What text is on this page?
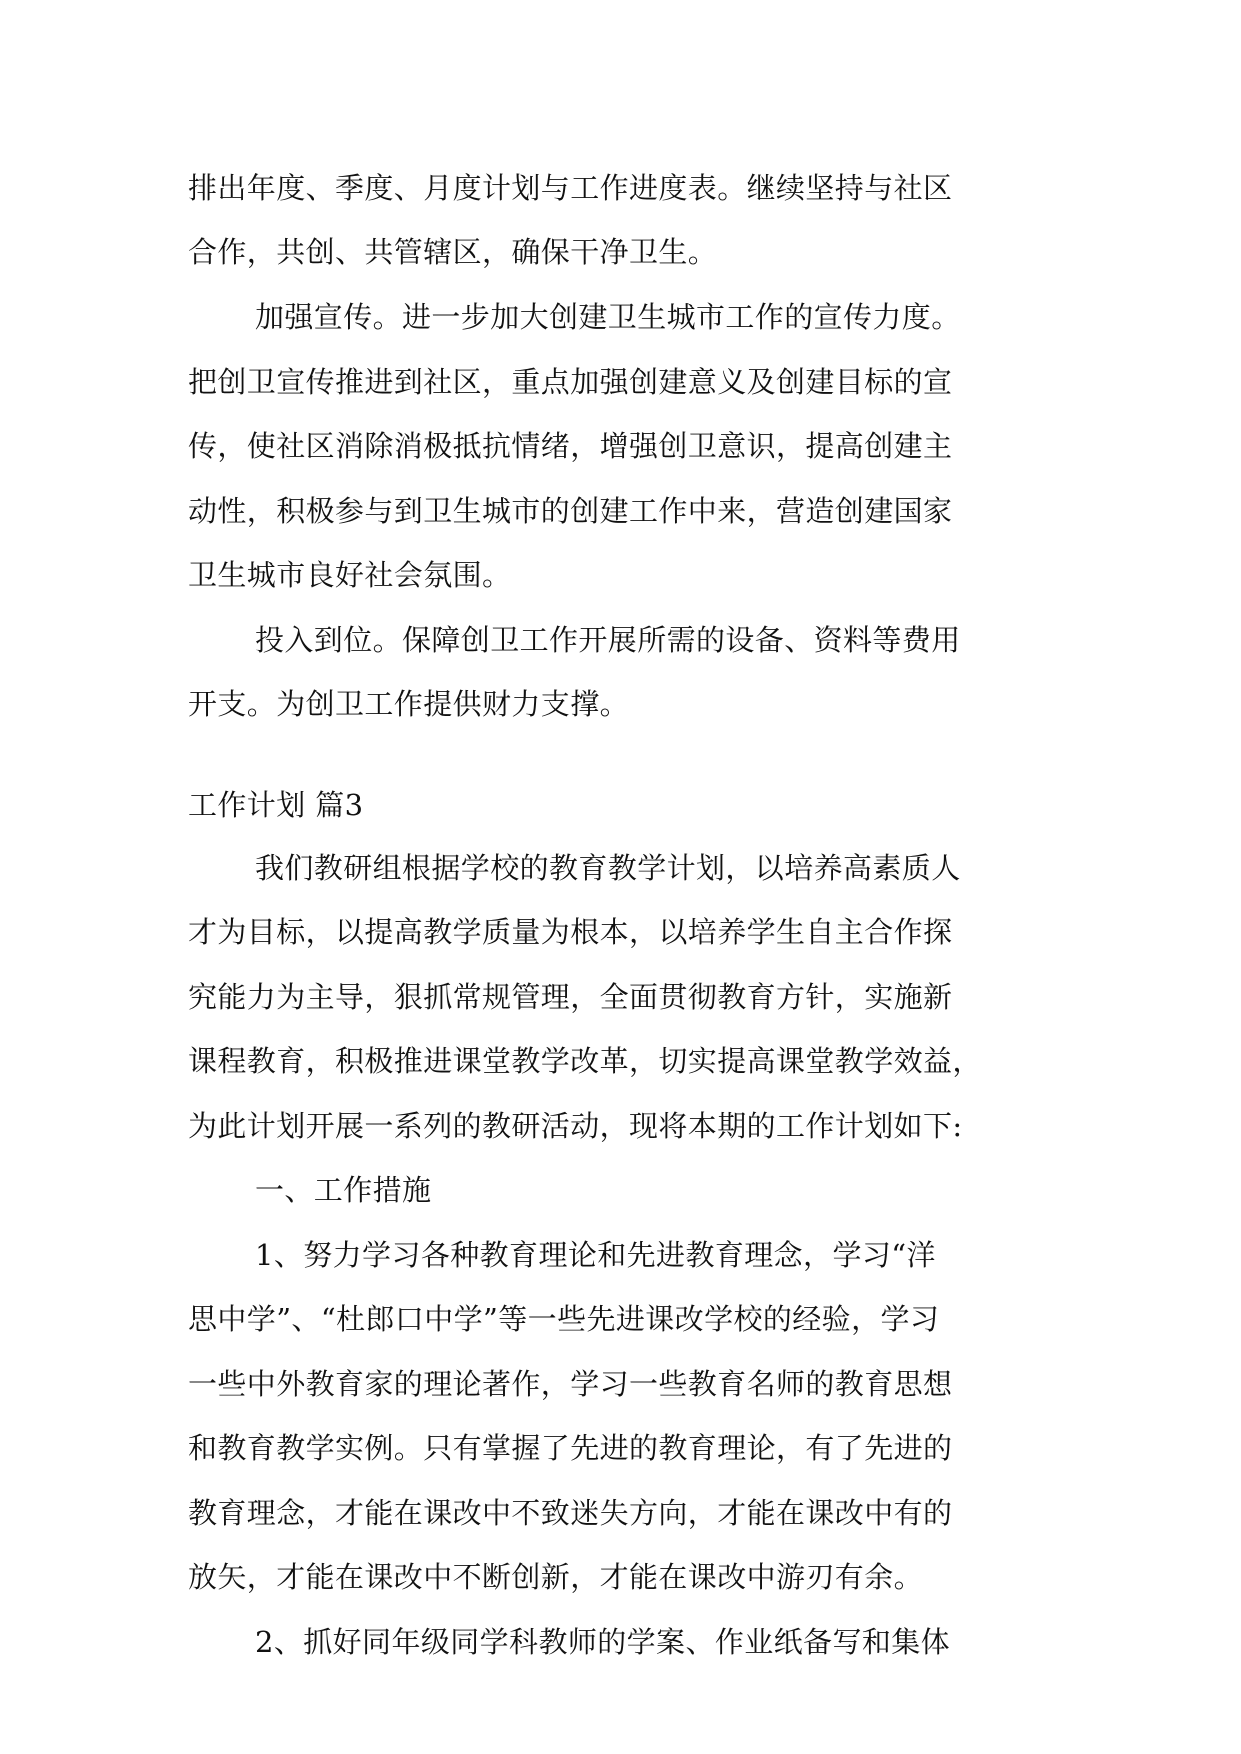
排出年度、季度、月度计划与工作进度表。继续坚持与社区
合作，共创、共管辖区，确保干净卫生。
加强宣传。进一步加大创建卫生城市工作的宣传力度。
把创卫宣传推进到社区，重点加强创建意义及创建目标的宣
传，使社区消除消极抵抗情绪，增强创卫意识，提高创建主
动性，积极参与到卫生城市的创建工作中来，营造创建国家
卫生城市良好社会氛围。
投入到位。保障创卫工作开展所需的设备、资料等费用
开支。为创卫工作提供财力支撑。
工作计划 篇3
我们教研组根据学校的教育教学计划，以培养高素质人
才为目标，以提高教学质量为根本，以培养学生自主合作探
究能力为主导，狠抓常规管理，全面贯彻教育方针，实施新
课程教育，积极推进课堂教学改革，切实提高课堂教学效益，
为此计划开展一系列的教研活动，现将本期的工作计划如下:
一、工作措施
1、努力学习各种教育理论和先进教育理念，学习“洋
思中学”、“杜郎口中学”等一些先进课改学校的经验，学习
一些中外教育家的理论著作，学习一些教育名师的教育思想
和教育教学实例。只有掌握了先进的教育理论，有了先进的
教育理念，才能在课改中不致迷失方向，才能在课改中有的
放矢，才能在课改中不断创新，才能在课改中游刃有余。
2、抓好同年级同学科教师的学案、作业纸备写和集体
